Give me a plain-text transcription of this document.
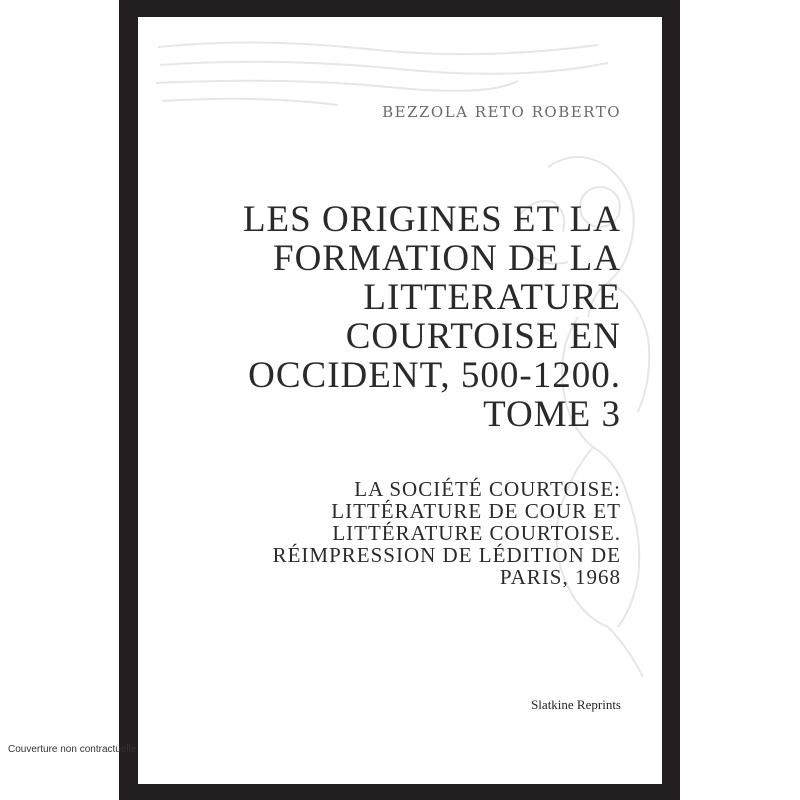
BEZZOLA RETO ROBERTO
LES ORIGINES ET LA
FORMATION DE LA
LITTERATURE
COURTOISE EN
OCCIDENT, 500-1200.
TOME 3
LA SOCIÉTÉ COURTOISE:
LITTÉRATURE DE COUR ET
LITTÉRATURE COURTOISE.
RÉIMPRESSION DE LÉDITION DE
PARIS, 1968
Slatkine Reprints
Couverture non contractuelle
